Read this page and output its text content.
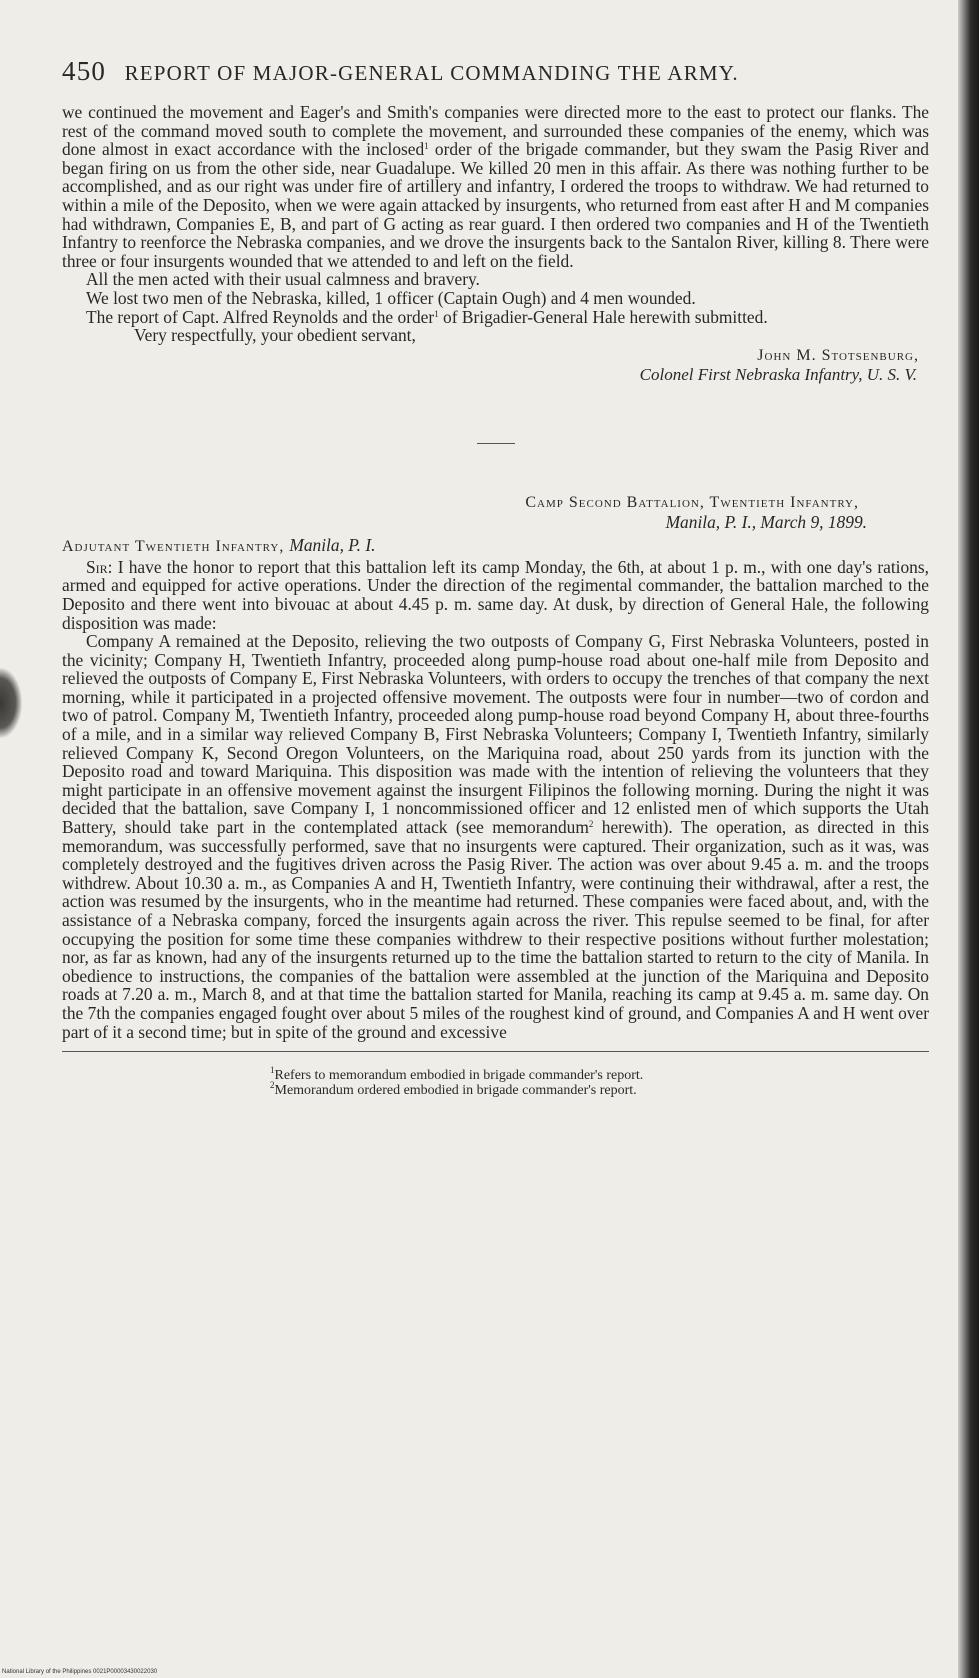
450 REPORT OF MAJOR-GENERAL COMMANDING THE ARMY.

we continued the movement and Eager's and Smith's companies were directed more to the east to protect our flanks. The rest of the command moved south to complete the movement, and surrounded these companies of the enemy, which was done almost in exact accordance with the inclosed$^1$ order of the brigade commander, but they swam the Pasig River and began firing on us from the other side, near Guadalupe. We killed 20 men in this affair. As there was nothing further to be accomplished, and as our right was under fire of artillery and infantry, I ordered the troops to withdraw. We had returned to within a mile of the Deposito, when we were again attacked by insurgents, who returned from east after H and M companies had withdrawn, Companies E, B, and part of G acting as rear guard. I then ordered two companies and H of the Twentieth Infantry to reenforce the Nebraska companies, and we drove the insurgents back to the Santalon River, killing 8. There were three or four insurgents wounded that we attended to and left on the field.

All the men acted with their usual calmness and bravery.

We lost two men of the Nebraska, killed, 1 officer (Captain Ough) and 4 men wounded.

The report of Capt. Alfred Reynolds and the order$^1$ of Brigadier-General Hale herewith submitted.

Very respectfully, your obedient servant,

John M. Stotsenburg,
Colonel First Nebraska Infantry, U. S. V.
Camp Second Battalion, Twentieth Infantry,
Manila, P. I., March 9, 1899.
Adjutant Twentieth Infantry, Manila, P. I.

Sir: I have the honor to report that this battalion left its camp Monday, the 6th, at about 1 p. m., with one day's rations, armed and equipped for active operations. Under the direction of the regimental commander, the battalion marched to the Deposito and there went into bivouac at about 4.45 p. m. same day. At dusk, by direction of General Hale, the following disposition was made:

Company A remained at the Deposito, relieving the two outposts of Company G, First Nebraska Volunteers, posted in the vicinity; Company H, Twentieth Infantry, proceeded along pump-house road about one-half mile from Deposito and relieved the outposts of Company E, First Nebraska Volunteers, with orders to occupy the trenches of that company the next morning, while it participated in a projected offensive movement. The outposts were four in number—two of cordon and two of patrol. Company M, Twentieth Infantry, proceeded along pump-house road beyond Company H, about three-fourths of a mile, and in a similar way relieved Company B, First Nebraska Volunteers; Company I, Twentieth Infantry, similarly relieved Company K, Second Oregon Volunteers, on the Mariquina road, about 250 yards from its junction with the Deposito road and toward Mariquina. This disposition was made with the intention of relieving the volunteers that they might participate in an offensive movement against the insurgent Filipinos the following morning. During the night it was decided that the battalion, save Company I, 1 noncommissioned officer and 12 enlisted men of which supports the Utah Battery, should take part in the contemplated attack (see memorandum$^2$ herewith). The operation, as directed in this memorandum, was successfully performed, save that no insurgents were captured. Their organization, such as it was, was completely destroyed and the fugitives driven across the Pasig River. The action was over about 9.45 a. m. and the troops withdrew. About 10.30 a. m., as Companies A and H, Twentieth Infantry, were continuing their withdrawal, after a rest, the action was resumed by the insurgents, who in the meantime had returned. These companies were faced about, and, with the assistance of a Nebraska company, forced the insurgents again across the river. This repulse seemed to be final, for after occupying the position for some time these companies withdrew to their respective positions without further molestation; nor, as far as known, had any of the insurgents returned up to the time the battalion started to return to the city of Manila. In obedience to instructions, the companies of the battalion were assembled at the junction of the Mariquina and Deposito roads at 7.20 a. m., March 8, and at that time the battalion started for Manila, reaching its camp at 9.45 a. m. same day. On the 7th the companies engaged fought over about 5 miles of the roughest kind of ground, and Companies A and H went over part of it a second time; but in spite of the ground and excessive

$^1$Refers to memorandum embodied in brigade commander's report.
$^2$Memorandum ordered embodied in brigade commander's report.
National Library of the Philippines 0021P00003430022030
